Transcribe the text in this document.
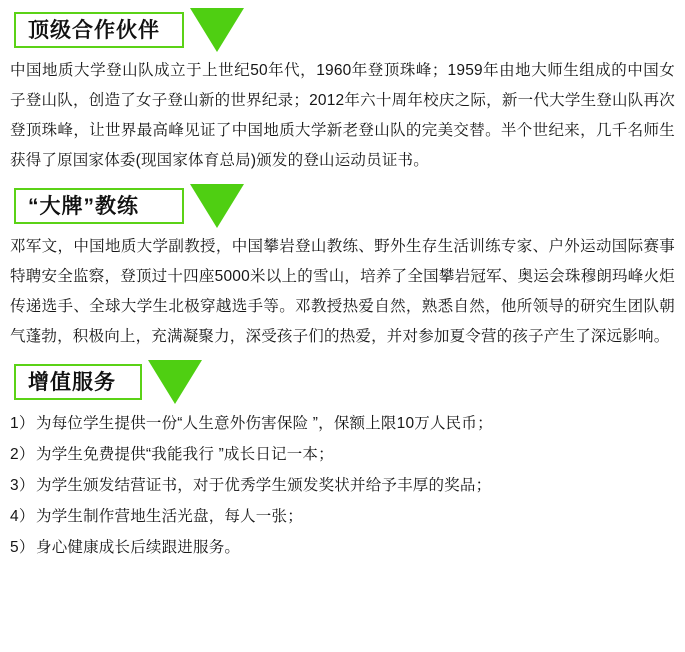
顶级合作伙伴

中国地质大学登山队成立于上世纪50年代，1960年登顶珠峰；1959年由地大师生组成的中国女子登山队，创造了女子登山新的世界纪录；2012年六十周年校庆之际，新一代大学生登山队再次登顶珠峰，让世界最高峰见证了中国地质大学新老登山队的完美交替。半个世纪来，几千名师生获得了原国家体委(现国家体育总局)颁发的登山运动员证书。

“大牌”教练

邓军文，中国地质大学副教授，中国攀岩登山教练、野外生存生活训练专家、户外运动国际赛事特聘安全监察，登顶过十四座5000米以上的雪山，培养了全国攀岩冠军、奥运会珠穆朗玛峰火炬传递选手、全球大学生北极穿越选手等。邓教授热爱自然，熟悉自然，他所领导的研究生团队朝气蓬勃，积极向上，充满凝聚力，深受孩子们的热爱，并对参加夏令营的孩子产生了深远影响。

增值服务
1）为每位学生提供一份“人生意外伤害保险 ”，保额上限10万人民币；
2）为学生免费提供“我能我行 ”成长日记一本；
3）为学生颁发结营证书，对于优秀学生颁发奖状并给予丰厚的奖品；
4）为学生制作营地生活光盘，每人一张；
5）身心健康成长后续跟进服务。
